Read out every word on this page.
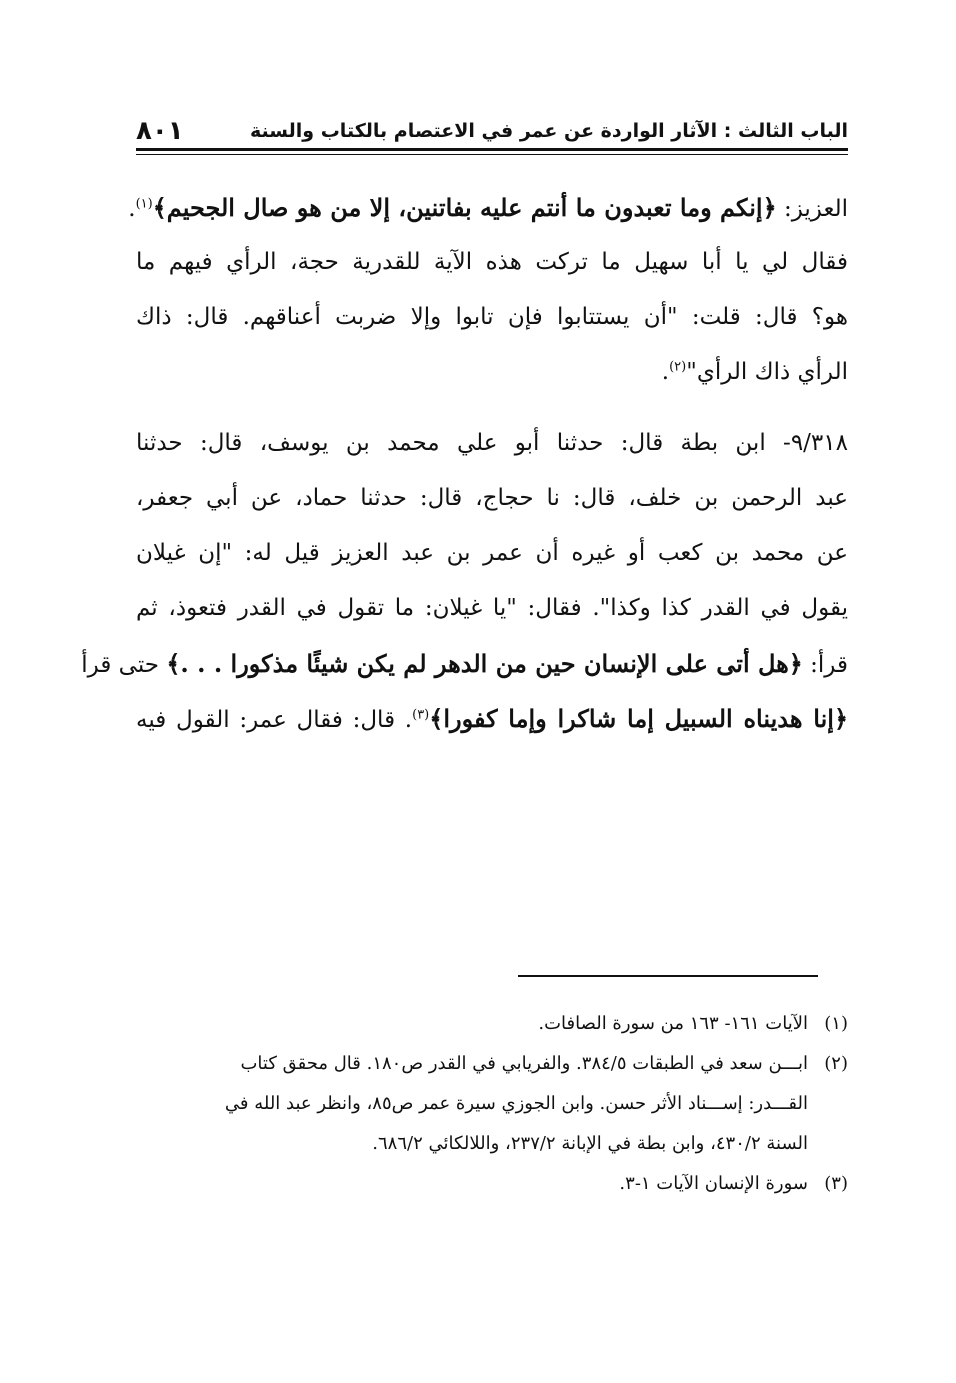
الباب الثالث : الآثار الواردة عن عمر في الاعتصام بالكتاب والسنة
٨٠١
العزيز: ﴿إنكم وما تعبدون ما أنتم عليه بفاتنين، إلا من هو صال الجحيم﴾$^{(١)}$.
فقال لي يا أبا سهيل ما تركت هذه الآية للقدرية حجة، الرأي فيهم ما
هو؟ قال: قلت: "أن يستتابوا فإن تابوا وإلا ضربت أعناقهم. قال: ذاك
الرأي ذاك الرأي"$^{(٢)}$.
٩/٣١٨- ابن بطة قال: حدثنا أبو علي محمد بن يوسف، قال: حدثنا
عبد الرحمن بن خلف، قال: نا حجاج، قال: حدثنا حماد، عن أبي جعفر،
عن محمد بن كعب أو غيره أن عمر بن عبد العزيز قيل له: "إن غيلان
يقول في القدر كذا وكذا". فقال: "يا غيلان: ما تقول في القدر فتعوذ، ثم
قرأ: ﴿هل أتى على الإنسان حين من الدهر لم يكن شيئًا مذكورا . . .﴾ حتى قرأ
﴿إنا هديناه السبيل إما شاكرا وإما كفورا﴾$^{(٣)}$. قال: فقال عمر: القول فيه
(١)
الآيات ١٦١- ١٦٣ من سورة الصافات.
(٢)
ابـــن سعد في الطبقات ٣٨٤/٥. والفريابي في القدر ص١٨٠. قال محقق كتاب
القـــدر: إســـناد الأثر حسن. وابن الجوزي سيرة عمر ص٨٥، وانظر عبد الله في
السنة ٤٣٠/٢، وابن بطة في الإبانة ٢٣٧/٢، واللالكائي ٦٨٦/٢.
(٣)
سورة الإنسان الآيات ١-٣.
